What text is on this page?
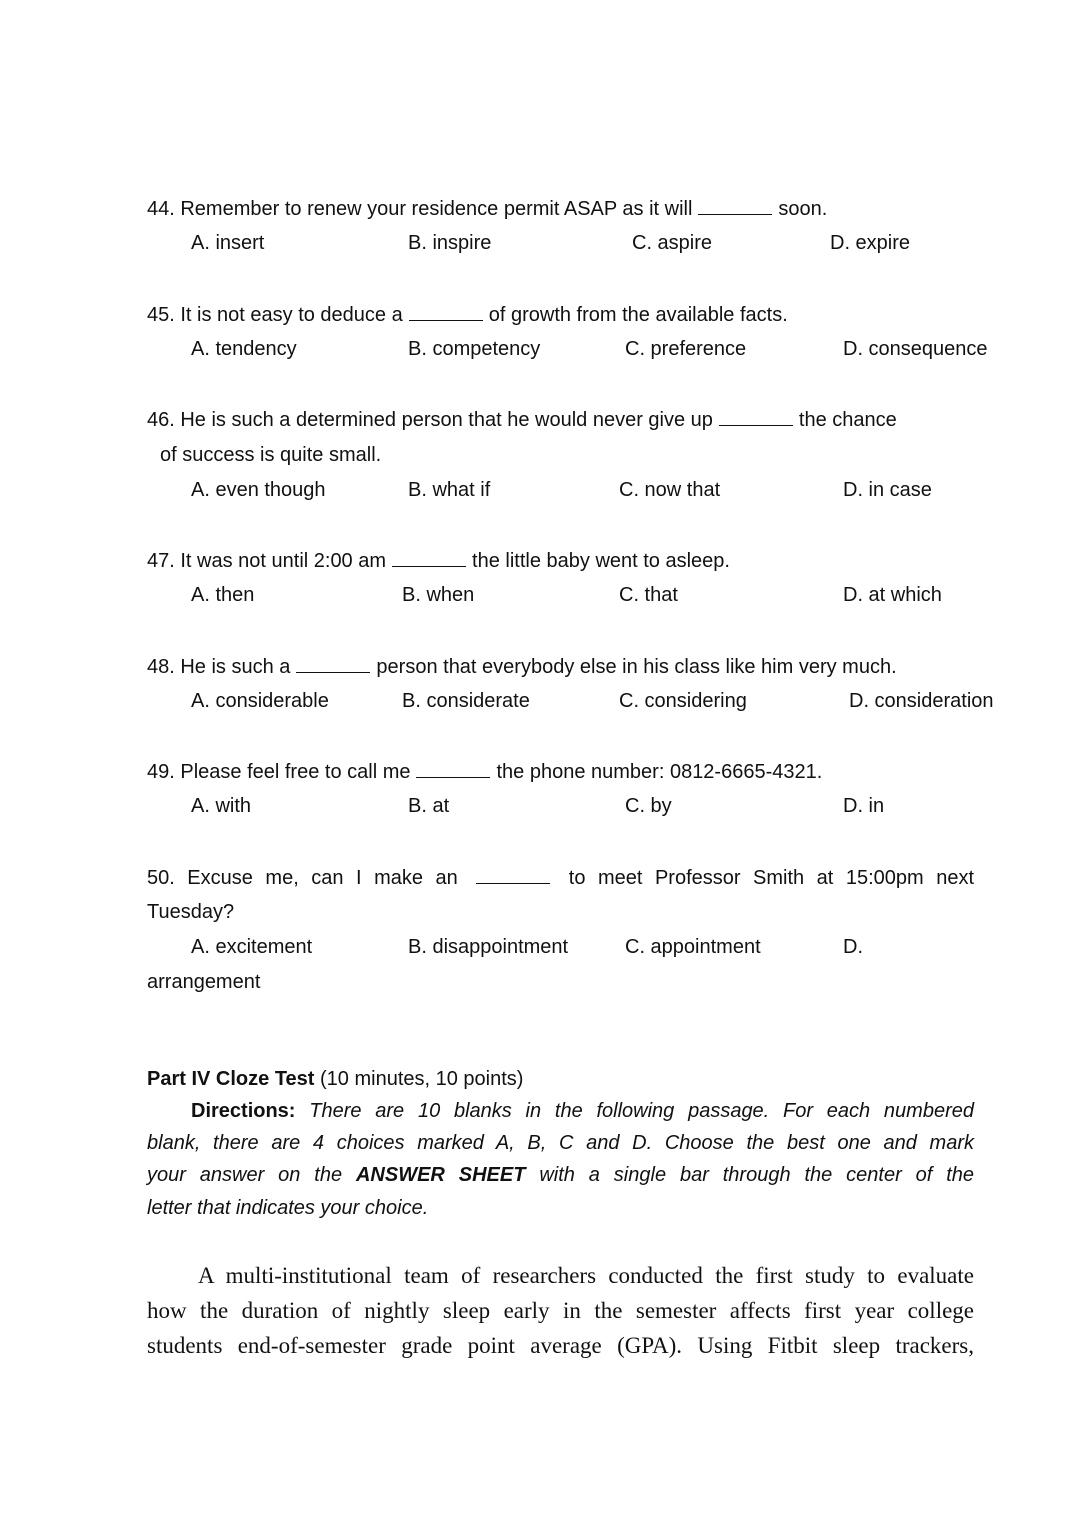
44. Remember to renew your residence permit ASAP as it will	soon.
A. insert	B. inspire	C. aspire	D. expire
45. It is not easy to deduce a	of growth from the available facts.
A. tendency	B. competency	C. preference	D. consequence
46. He is such a determined person that he would never give up	the chance
of success is quite small.
A. even though	B. what if	C. now that	D. in case
47. It was not until 2:00 am	the little baby went to asleep.
A. then	B. when	C. that	D. at which
48. He is such a	person that everybody else in his class like him very much.
A. considerable	B. considerate	C. considering	D. consideration
49. Please feel free to call me	the phone number: 0812-6665-4321.
A. with	B. at	C. by	D. in
50. Excuse me, can I make an	to meet Professor Smith at 15:00pm next
Tuesday?
A. excitement	B. disappointment	C. appointment	D.
arrangement
Part IV Cloze Test (10 minutes, 10 points)
Directions: There are 10 blanks in the following passage. For each numbered
blank, there are 4 choices marked A, B, C and D. Choose the best one and mark
your answer on the ANSWER SHEET with a single bar through the center of the
letter that indicates your choice.
A multi-institutional team of researchers conducted the first study to evaluate
how the duration of nightly sleep early in the semester affects first year college
students end-of-semester grade point average (GPA). Using Fitbit sleep trackers,
